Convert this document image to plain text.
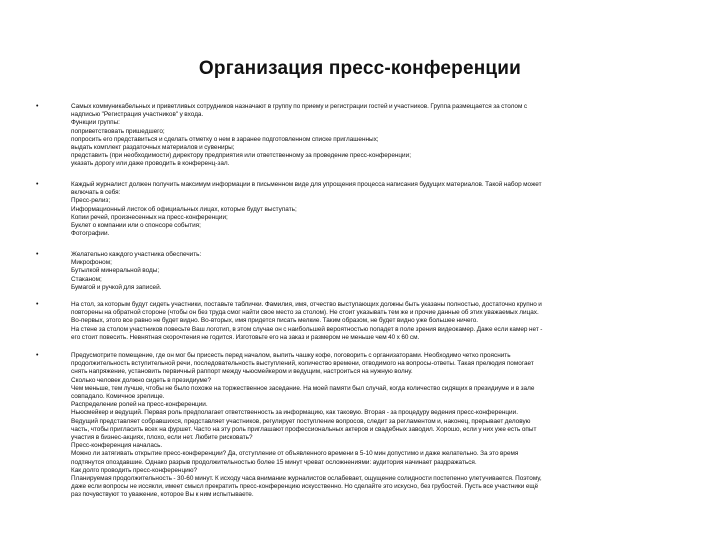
Организация пресс-конференции
•	Самых коммуникабельных и приветливых сотрудников назначают в группу по приему и регистрации гостей и участников. Группа размещается за столом с
надписью "Регистрация участников" у входа.
Функции группы:
поприветствовать пришедшего;
попросить его представиться и сделать отметку о нем в заранее подготовленном списке приглашенных;
выдать комплект раздаточных материалов и сувениры;
представить (при необходимости) директору предприятия или ответственному за проведение пресс-конференции;
указать дорогу или даже проводить в конференц-зал.
•	Каждый журналист должен получить максимум информации в письменном виде для упрощения процесса написания будущих материалов. Такой набор может
включать в себя:
Пресс-релиз;
Информационный листок об официальных лицах, которые будут выступать;
Копии речей, произнесенных на пресс-конференции;
Буклет о компании или о спонсоре события;
Фотографии.
•	Желательно каждого участника обеспечить:
Микрофоном;
Бутылкой минеральной воды;
Стаканом;
Бумагой и ручкой для записей.
•	На стол, за которым будут сидеть участники, поставьте таблички. Фамилия, имя, отчество выступающих должны быть указаны полностью, достаточно крупно и
повторены на обратной стороне (чтобы он без труда смог найти свое место за столом). Не стоит указывать тем же и прочие данные об этих уважаемых лицах.
Во-первых, этого все равно не будет видно. Во-вторых, имя придется писать мелкие. Таким образом, не будет видно уже большее ничего.
На стене за столом участников повесьте Ваш логотип, в этом случае он с наибольшей вероятностью попадет в поле зрения видеокамер. Даже если камер нет -
его стоит повесить. Невнятная скорочтения не годится. Изготовьте его на заказ и размером не меньше чем 40 х 60 см.
•	Предусмотрите помещение, где он мог бы присесть перед началом, выпить чашку кофе, поговорить с организаторами. Необходимо четко прояснить
продолжительность вступительной речи, последовательность выступлений, количество времени, отводимого на вопросы-ответы. Такая прелюдия помогает
снять напряжение, установить первичный раппорт между чьюсмейкером и ведущим, настроиться на нужную волну.
Сколько человек должно сидеть в президиуме?
Чем меньше, тем лучше, чтобы не было похоже на торжественное заседание. На моей памяти был случай, когда количество сидящих в президиуме и в зале
совпадало. Комичное зрелище.
Распределение ролей на пресс-конференции.
Ньюсмейкер и ведущий. Первая роль предполагает ответственность за информацию, как таковую. Вторая - за процедуру ведения пресс-конференции.
Ведущий представляет собравшихся, представляет участников, регулирует поступление вопросов, следит за регламентом и, наконец, прерывает деловую
часть, чтобы пригласить всех на фуршет. Часто на эту роль приглашают профессиональных актеров и свадебных заводил. Хорошо, если у них уже есть опыт
участия в бизнес-акциях, плохо, если нет. Любите рисковать?
Пресс-конференция началась.
Можно ли затягивать открытие пресс-конференции? Да, отступление от объявленного времени в 5-10 мин допустимо и даже желательно. За это время
подтянутся опоздавшие. Однако разрыв продолжительностью более 15 минут чреват осложнениями: аудитория начинает раздражаться.
Как долго проводить пресс-конференцию?
Планируемая продолжительность - 30-60 минут. К исходу часа внимание журналистов ослабевает, ощущение солидности постепенно улетучивается. Поэтому,
даже если вопросы не иссякли, имеет смысл прекратить пресс-конференцию искусственно. Но сделайте это искусно, без грубостей. Пусть все участники ещё
раз почувствуют то уважение, которое Вы к ним испытываете.
